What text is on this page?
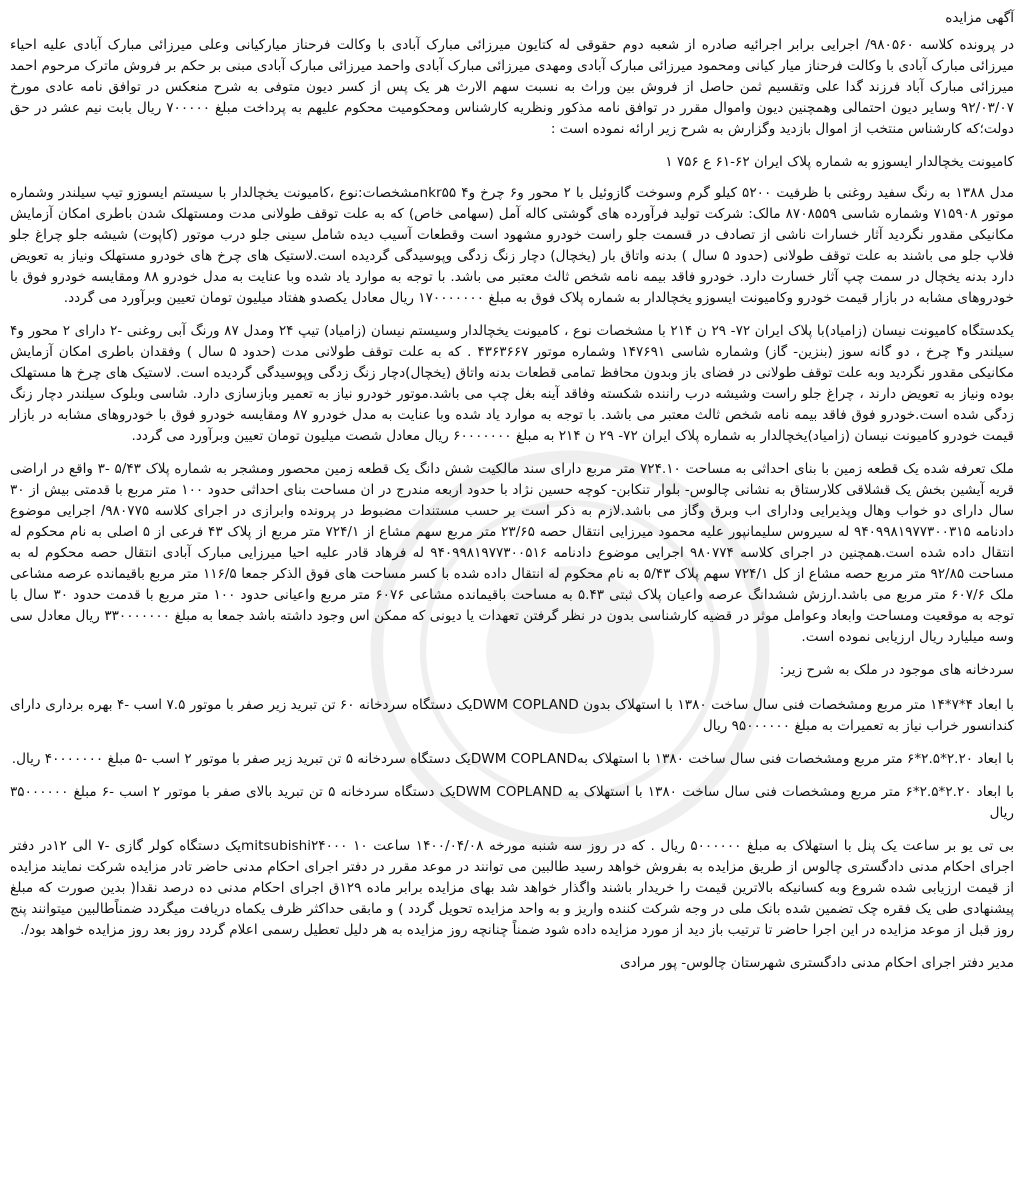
آگهی مزایده

در پرونده کلاسه ۹۸۰۵۶۰/ اجرایی برابر اجرائیه صادره از شعبه دوم حقوقی له کتایون میرزائی مبارک آبادی با وکالت فرحناز میارکیانی وعلی میرزائی مبارک آبادی علیه احیاء میرزائی مبارک آبادی با وکالت فرحناز میار کیانی ومحمود میرزائی مبارک آبادی ومهدی میرزائی مبارک آبادی واحمد میرزائی مبارک آبادی مبنی بر حکم بر فروش ماترک مرحوم احمد میرزائی مبارک آباد فرزند گدا علی وتقسیم ثمن حاصل از فروش بین وراث به نسبت سهم الارث هر یک پس از کسر دیون متوفی به شرح منعکس در توافق نامه عادی مورخ ۹۲/۰۳/۰۷ وسایر دیون احتمالی وهمچنین دیون واموال مقرر در توافق نامه مذکور ونظریه کارشناس ومحکومیت محکوم علیهم به پرداخت مبلغ ۷۰۰۰۰۰ ریال بابت نیم عشر در حق دولت؛که کارشناس منتخب از اموال بازدید وگزارش به شرح زیر ارائه نموده است :

کامیونت یخچالدار ایسوزو به شماره پلاک ایران ۶۲-۶۱ ع ۷۵۶ ۱

مدل ۱۳۸۸ به رنگ سفید روغنی با ظرفیت ۵۲۰۰ کیلو گرم وسوخت گازوئیل با ۲ محور و۶ چرخ و۴ nkr۵۵مشخصات:نوع ،کامیونت یخچالدار با سیستم ایسوزو تیپ سیلندر وشماره موتور ۷۱۵۹۰۸ وشماره شاسی ۸۷۰۸۵۵۹ مالک: شرکت تولید فرآورده های گوشتی کاله آمل (سهامی خاص) که به علت توقف طولانی مدت ومستهلک شدن باطری امکان آزمایش مکانیکی مقدور نگردید آثار خسارات ناشی از تصادف در قسمت جلو راست خودرو مشهود است وقطعات آسیب دیده شامل سینی جلو درب موتور (کاپوت) شیشه جلو چراغ جلو فلاپ جلو می باشند به علت توقف طولانی (حدود ۵ سال ) بدنه واتاق بار (یخچال) دچار زنگ زدگی وپوسیدگی گردیده است.لاستیک های چرخ های خودرو مستهلک ونیاز به تعویض دارد بدنه یخچال در سمت چپ آثار خسارت دارد. خودرو فاقد بیمه نامه شخص ثالث معتبر می باشد. با توجه به موارد یاد شده وبا عنایت به مدل خودرو ۸۸ ومقایسه خودرو فوق با خودروهای مشابه در بازار قیمت خودرو وکامیونت ایسوزو یخچالدار به شماره پلاک فوق به مبلغ ۱۷۰۰۰۰۰۰۰ ریال معادل یکصدو هفتاد میلیون تومان تعیین وبرآورد می گردد.

یکدستگاه کامیونت نیسان (زامیاد)با پلاک ایران ۷۲- ۲۹ ن ۲۱۴ با مشخصات نوع ، کامیونت یخچالدار وسیستم نیسان (زامیاد) تیپ ۲۴ ومدل ۸۷ ورنگ آبی روغنی -۲ دارای ۲ محور و۴ سیلندر و۴ چرخ ، دو گانه سوز (بنزین- گاز) وشماره شاسی ۱۴۷۶۹۱ وشماره موتور ۴۳۶۳۶۶۷ . که به علت توقف طولانی مدت (حدود ۵ سال ) وفقدان باطری امکان آزمایش مکانیکی مقدور نگردید وبه علت توقف طولانی در فضای باز وبدون محافظ تمامی قطعات بدنه واتاق (یخچال)دچار زنگ زدگی وپوسیدگی گردیده است. لاستیک های چرخ ها مستهلک بوده ونیاز به تعویض دارند ، چراغ جلو راست وشیشه درب راننده شکسته وفاقد آینه بغل چپ می باشد.موتور خودرو نیاز به تعمیر وبازسازی دارد. شاسی وبلوک سیلندر دچار زنگ زدگی شده است.خودرو فوق فاقد بیمه نامه شخص ثالث معتبر می باشد. با توجه به موارد یاد شده وبا عنایت به مدل خودرو ۸۷ ومقایسه خودرو فوق با خودروهای مشابه در بازار قیمت خودرو کامیونت نیسان (زامیاد)یخچالدار به شماره پلاک ایران ۷۲- ۲۹ ن ۲۱۴ به مبلغ ۶۰۰۰۰۰۰۰ ریال معادل شصت میلیون تومان تعیین وبرآورد می گردد.

ملک تعرفه شده یک قطعه زمین با بنای احداثی به مساحت ۷۲۴.۱۰ متر مربع دارای سند مالکیت شش دانگ یک قطعه زمین محصور ومشجر به شماره پلاک ۵/۴۳ -۳ واقع در اراضی قریه آیشین بخش یک قشلاقی کلارستاق به نشانی چالوس- بلوار تنکابن- کوچه حسین نژاد با حدود اربعه مندرج در ان مساحت بنای احداثی حدود ۱۰۰ متر مربع با قدمتی بیش از ۳۰ سال دارای دو خواب وهال وپذیرایی ودارای اب وبرق وگاز می باشد.لازم به ذکر است بر حسب مستندات مضبوط در پرونده وابرازی در اجرای کلاسه ۹۸۰۷۷۵/ اجرایی موضوع دادنامه ۹۴۰۹۹۸۱۹۷۷۳۰۰۳۱۵ له سیروس سلیمانپور علیه محمود میرزایی انتقال حصه ۲۳/۶۵ متر مربع سهم مشاع از ۷۲۴/۱ متر مربع از پلاک ۴۳ فرعی از ۵ اصلی به نام محکوم له انتقال داده شده است.همچنین در اجرای کلاسه ۹۸۰۷۷۴ اجرایی موضوع دادنامه ۹۴۰۹۹۸۱۹۷۷۳۰۰۵۱۶ له فرهاد قادر علیه احیا میرزایی مبارک آبادی انتقال حصه محکوم له به مساحت ۹۲/۸۵ متر مربع حصه مشاع از کل ۷۲۴/۱ سهم پلاک ۵/۴۳ به نام محکوم له انتقال داده شده با کسر مساحت های فوق الذکر جمعا ۱۱۶/۵ متر مربع باقیمانده عرصه مشاعی ملک ۶۰۷/۶ متر مربع می باشد.ارزش ششدانگ عرصه واعیان پلاک ثبتی ۵.۴۳ به مساحت باقیمانده مشاعی ۶۰۷۶ متر مربع واعیانی حدود ۱۰۰ متر مربع با قدمت حدود ۳۰ سال با توجه به موقعیت ومساحت وابعاد وعوامل موثر در قضیه کارشناسی بدون در نظر گرفتن تعهدات یا دیونی که ممکن اس وجود داشته باشد جمعا به مبلغ ۳۳۰۰۰۰۰۰۰ ریال معادل سی وسه میلیارد ریال ارزیابی نموده است.

سردخانه های موجود در ملک به شرح زیر:

با ابعاد ۴*۷*۱۴ متر مربع ومشخصات فنی سال ساخت ۱۳۸۰ با استهلاک بدون DWM COPLANDیک دستگاه سردخانه ۶۰ تن تبرید زیر صفر با موتور ۷.۵ اسب -۴ بهره برداری دارای کندانسور خراب نیاز به تعمیرات به مبلغ ۹۵۰۰۰۰۰۰ ریال

با ابعاد ۲.۲۰*۲.۵*۶ متر مربع ومشخصات فنی سال ساخت ۱۳۸۰ با استهلاک بهDWM COPLANDیک دستگاه سردخانه ۵ تن تبرید زیر صفر با موتور ۲ اسب -۵ مبلغ ۴۰۰۰۰۰۰۰ ریال.

با ابعاد ۲.۲۰*۲.۵*۶ متر مربع ومشخصات فنی سال ساخت ۱۳۸۰ با استهلاک به DWM COPLANDیک دستگاه سردخانه ۵ تن تبرید بالای صفر با موتور ۲ اسب -۶ مبلغ ۳۵۰۰۰۰۰۰ ریال

بی تی یو بر ساعت یک پنل با استهلاک به مبلغ ۵۰۰۰۰۰۰ ریال . که در روز سه شنبه مورخه ۱۴۰۰/۰۴/۰۸ ساعت ۱۰ mitsubishi۲۴۰۰۰یک دستگاه کولر گازی -۷ الی ۱۲در دفتر اجرای احکام مدنی دادگستری چالوس از طریق مزایده به بفروش خواهد رسید طالبین می توانند در موعد مقرر در دفتر اجرای احکام مدنی حاضر تادر مزایده شرکت نمایند مزایده از قیمت ارزیابی شده شروع وبه کسانیکه بالاترین قیمت را خریدار باشند واگذار خواهد شد بهای مزایده برابر ماده ۱۲۹ق اجرای احکام مدنی ده درصد نقدا( بدین صورت که مبلغ پیشنهادی طی یک فقره چک تضمین شده بانک ملی در وجه شرکت کننده واریز و به واحد مزایده تحویل گردد ) و مابقی حداکثر ظرف یکماه دریافت میگردد ضمناًطالبین میتوانند پنج روز قبل از موعد مزایده در این اجرا حاضر تا ترتیب باز دید از مورد مزایده داده شود ضمناً چنانچه روز مزایده به هر دلیل تعطیل رسمی اعلام گردد روز بعد روز مزایده خواهد بود/.

مدیر دفتر اجرای احکام مدنی دادگستری شهرستان چالوس- پور مرادی
